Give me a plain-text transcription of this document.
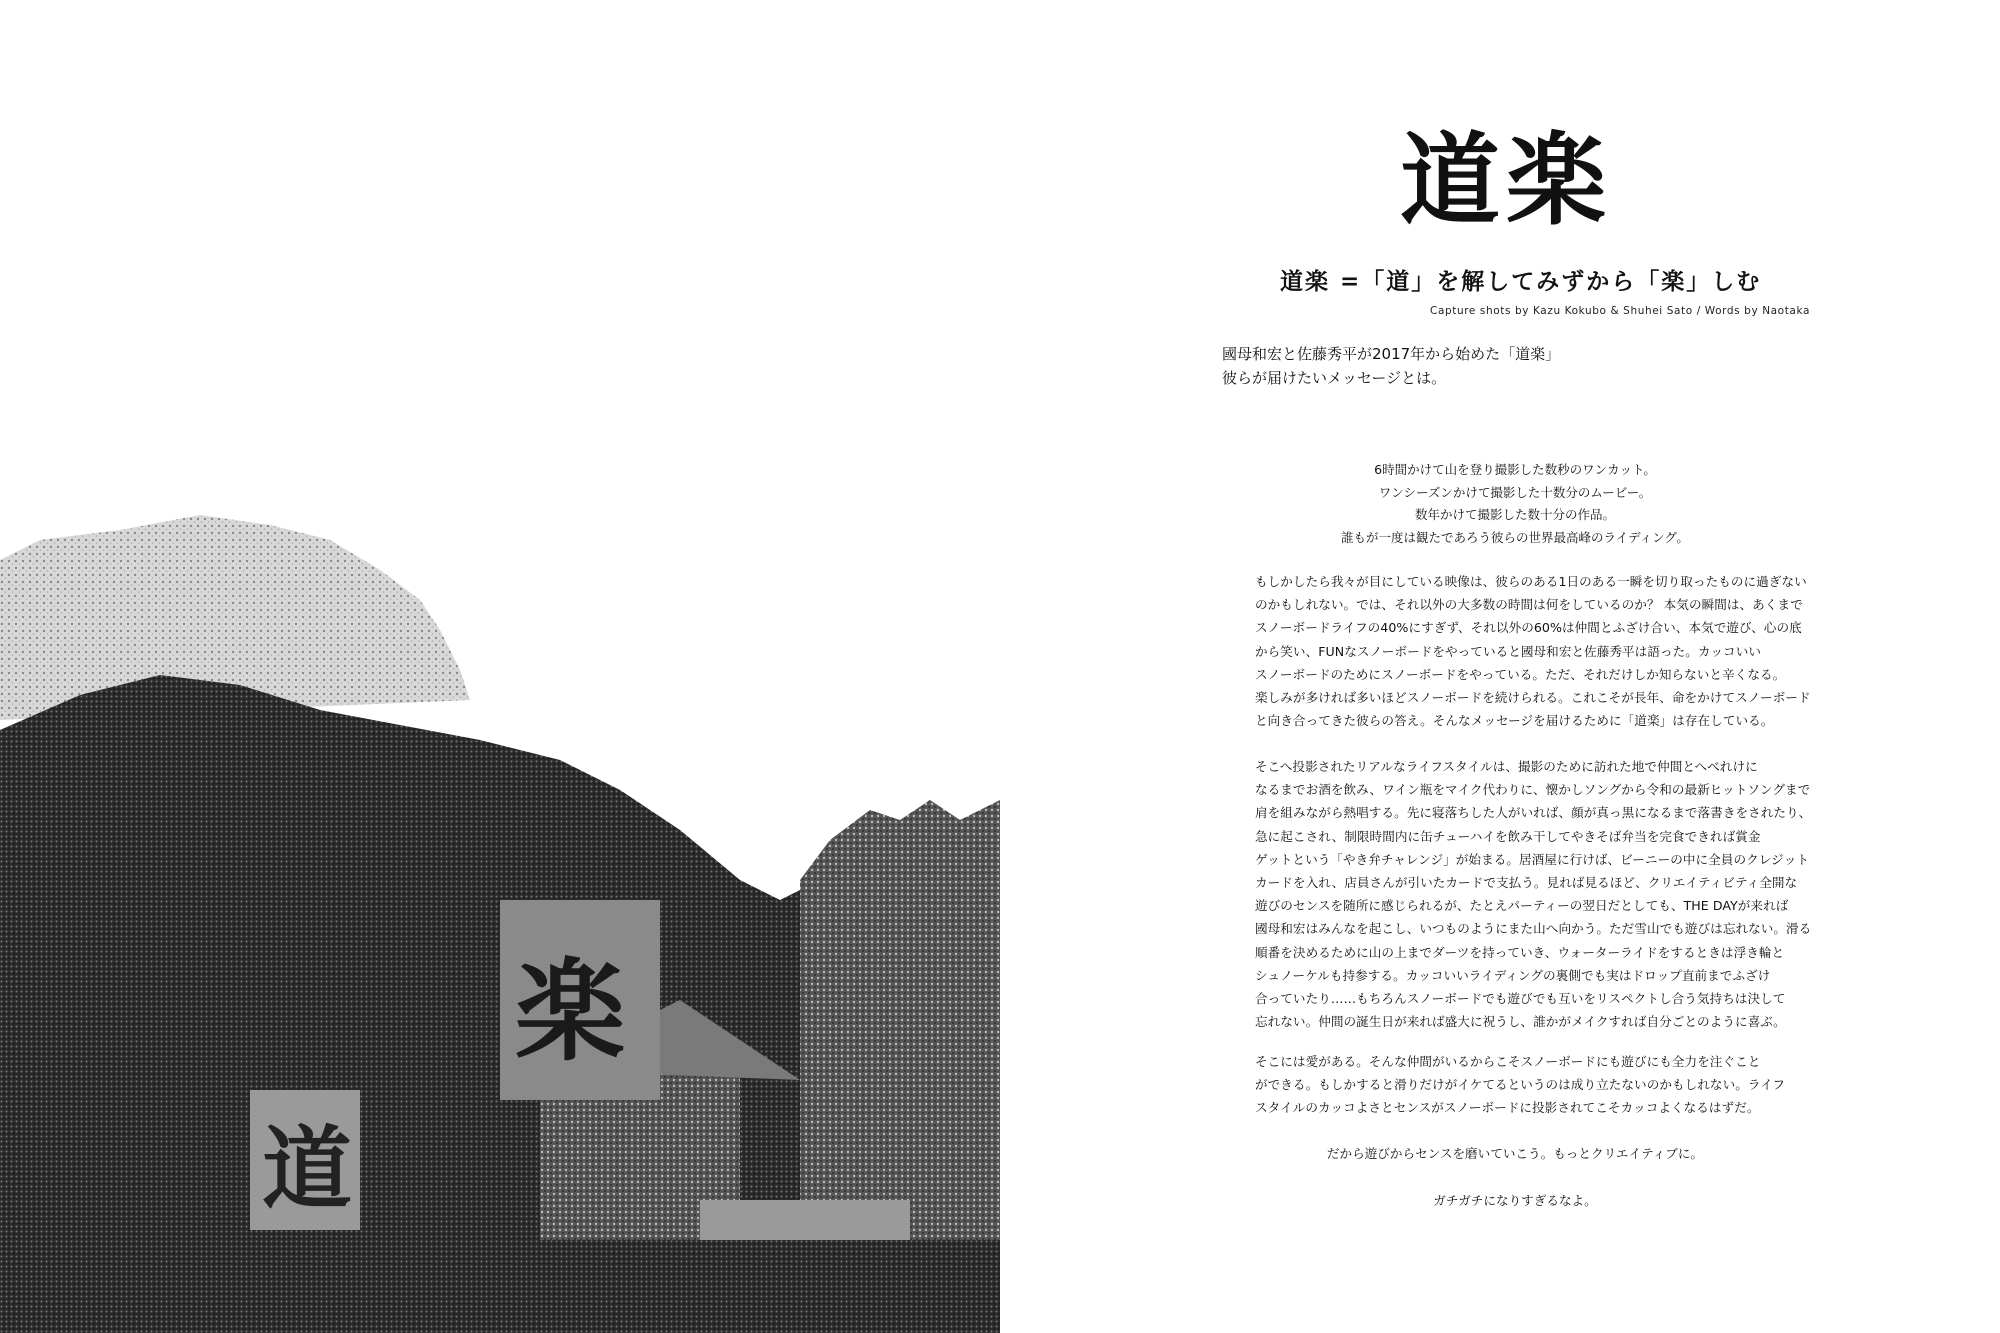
楽
道
道楽
道楽 =「道」を解してみずから「楽」しむ
Capture shots by Kazu Kokubo & Shuhei Sato / Words by Naotaka
國母和宏と佐藤秀平が2017年から始めた「道楽」
彼らが届けたいメッセージとは。
6時間かけて山を登り撮影した数秒のワンカット。
ワンシーズンかけて撮影した十数分のムービー。
数年かけて撮影した数十分の作品。
誰もが一度は観たであろう彼らの世界最高峰のライディング。
もしかしたら我々が目にしている映像は、彼らのある1日のある一瞬を切り取ったものに過ぎない
のかもしれない。では、それ以外の大多数の時間は何をしているのか？ 本気の瞬間は、あくまで
スノーボードライフの40%にすぎず、それ以外の60%は仲間とふざけ合い、本気で遊び、心の底
から笑い、FUNなスノーボードをやっていると國母和宏と佐藤秀平は語った。カッコいい
スノーボードのためにスノーボードをやっている。ただ、それだけしか知らないと辛くなる。
楽しみが多ければ多いほどスノーボードを続けられる。これこそが長年、命をかけてスノーボード
と向き合ってきた彼らの答え。そんなメッセージを届けるために「道楽」は存在している。
そこへ投影されたリアルなライフスタイルは、撮影のために訪れた地で仲間とへべれけに
なるまでお酒を飲み、ワイン瓶をマイク代わりに、懐かしソングから令和の最新ヒットソングまで
肩を組みながら熱唱する。先に寝落ちした人がいれば、顔が真っ黒になるまで落書きをされたり、
急に起こされ、制限時間内に缶チューハイを飲み干してやきそば弁当を完食できれば賞金
ゲットという「やき弁チャレンジ」が始まる。居酒屋に行けば、ビーニーの中に全員のクレジット
カードを入れ、店員さんが引いたカードで支払う。見れば見るほど、クリエイティビティ全開な
遊びのセンスを随所に感じられるが、たとえパーティーの翌日だとしても、THE DAYが来れば
國母和宏はみんなを起こし、いつものようにまた山へ向かう。ただ雪山でも遊びは忘れない。滑る
順番を決めるために山の上までダーツを持っていき、ウォーターライドをするときは浮き輪と
シュノーケルも持参する。カッコいいライディングの裏側でも実はドロップ直前までふざけ
合っていたり……もちろんスノーボードでも遊びでも互いをリスペクトし合う気持ちは決して
忘れない。仲間の誕生日が来れば盛大に祝うし、誰かがメイクすれば自分ごとのように喜ぶ。
そこには愛がある。そんな仲間がいるからこそスノーボードにも遊びにも全力を注ぐこと
ができる。もしかすると滑りだけがイケてるというのは成り立たないのかもしれない。ライフ
スタイルのカッコよさとセンスがスノーボードに投影されてこそカッコよくなるはずだ。
だから遊びからセンスを磨いていこう。もっとクリエイティブに。
ガチガチになりすぎるなよ。
